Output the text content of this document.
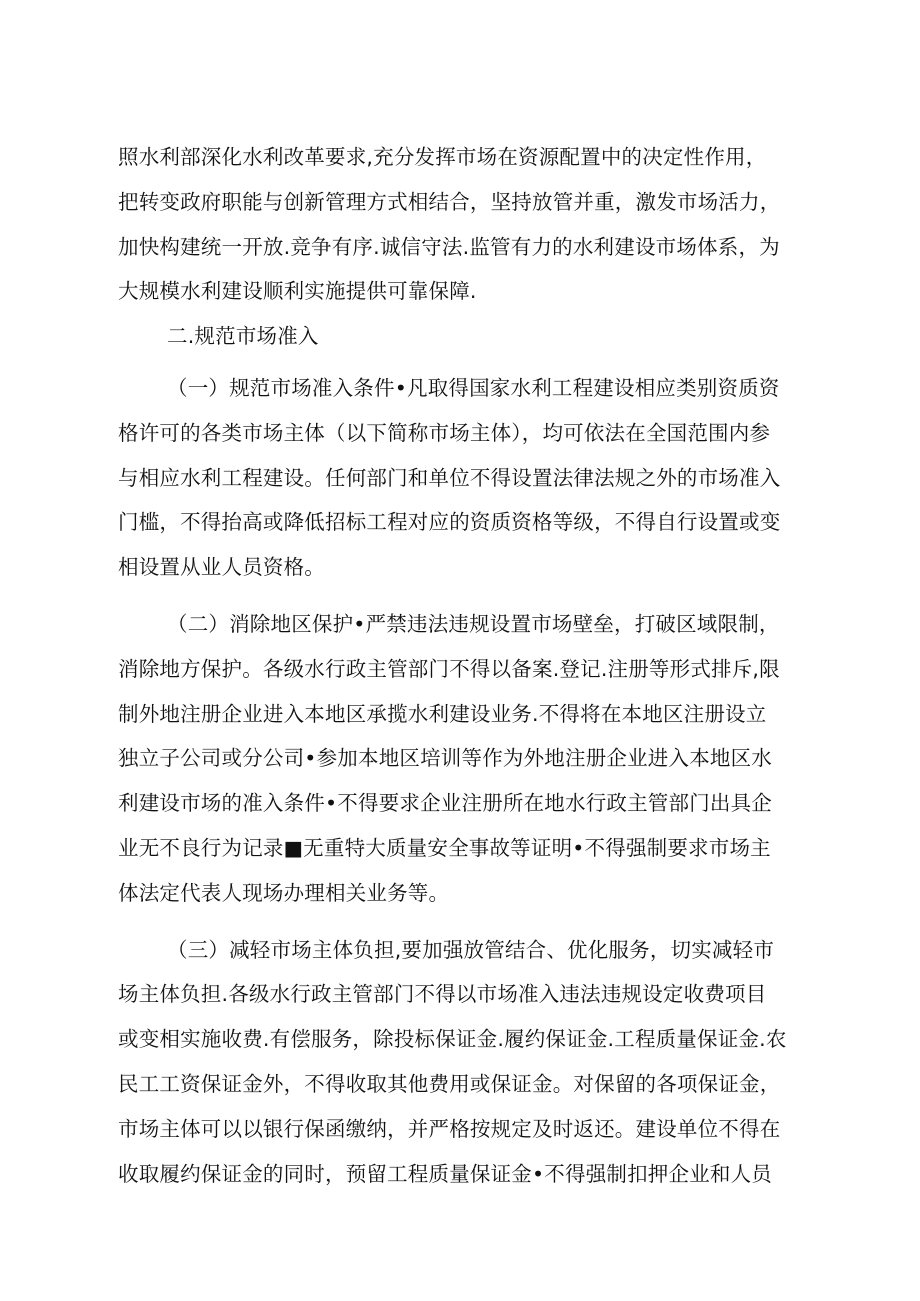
照水利部深化水利改革要求,充分发挥市场在资源配置中的决定性作用，
把转变政府职能与创新管理方式相结合，坚持放管并重，激发市场活力，
加快构建统一开放.竞争有序.诚信守法.监管有力的水利建设市场体系，为
大规模水利建设顺利实施提供可靠保障.
二.规范市场准入
（一）规范市场准入条件•凡取得国家水利工程建设相应类别资质资
格许可的各类市场主体（以下简称市场主体），均可依法在全国范围内参
与相应水利工程建设。任何部门和单位不得设置法律法规之外的市场准入
门槛，不得抬高或降低招标工程对应的资质资格等级，不得自行设置或变
相设置从业人员资格。
（二）消除地区保护•严禁违法违规设置市场壁垒，打破区域限制，
消除地方保护。各级水行政主管部门不得以备案.登记.注册等形式排斥,限
制外地注册企业进入本地区承揽水利建设业务.不得将在本地区注册设立
独立子公司或分公司•参加本地区培训等作为外地注册企业进入本地区水
利建设市场的准入条件•不得要求企业注册所在地水行政主管部门出具企
业无不良行为记录■无重特大质量安全事故等证明•不得强制要求市场主
体法定代表人现场办理相关业务等。
（三）减轻市场主体负担,要加强放管结合、优化服务，切实减轻市
场主体负担.各级水行政主管部门不得以市场准入违法违规设定收费项目
或变相实施收费.有偿服务，除投标保证金.履约保证金.工程质量保证金.农
民工工资保证金外，不得收取其他费用或保证金。对保留的各项保证金，
市场主体可以以银行保函缴纳，并严格按规定及时返还。建设单位不得在
收取履约保证金的同时，预留工程质量保证金•不得强制扣押企业和人员
